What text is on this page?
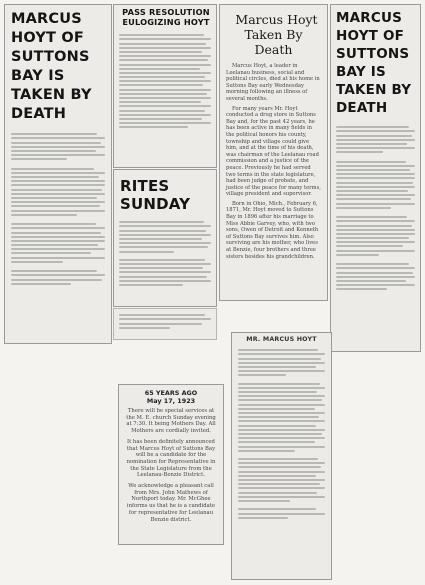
MARCUS HOYT OF SUTTONS BAY IS TAKEN BY DEATH
PASS RESOLUTION EULOGIZING HOYT
RITES SUNDAY
Marcus Hoyt
Taken By Death

Marcus Hoyt, a leader in Leelanau business, social and political circles, died at his home in Suttons Bay early Wednesday morning following an illness of several months.

For many years Mr. Hoyt conducted a drug store in Suttons Bay and, for the past 42 years, he has been active in many fields in the political honors his county, township and village could give him, and at the time of his death, was chairman of the Leelanau road commission and a justice of the peace. Previously he had served two terms in the state legislature, had been judge of probate, and justice of the peace for many terms, village president and supervisor.

Born in Ohio, Mich., February 6, 1871, Mr. Hoyt moved to Suttons Bay in 1896 after his marriage to Miss Abbie Garvey, who, with two sons, Owen of Detroit and Kenneth of Suttons Bay survives him. Also surviving are his mother, who lives at Benzie, four brothers and three sisters besides his grandchildren.

MARCUS HOYT OF SUTTONS BAY IS TAKEN BY DEATH
65 YEARS AGO
May 17, 1923

There will be special services at the M. E. church Sunday evening at 7:30. It being Mothers Day. All Mothers are cordially invited.

It has been definitely announced that Marcus Hoyt of Suttons Bay will be a candidate for the nomination for Representative in the State Legislature from the Leelanau-Benzie District.

We acknowledge a pleasant call from Mrs. John Mathews of Northport today. Mr. McGhee informs us that he is a candidate for representative for Leelanau Benzie district.

MR. MARCUS HOYT
